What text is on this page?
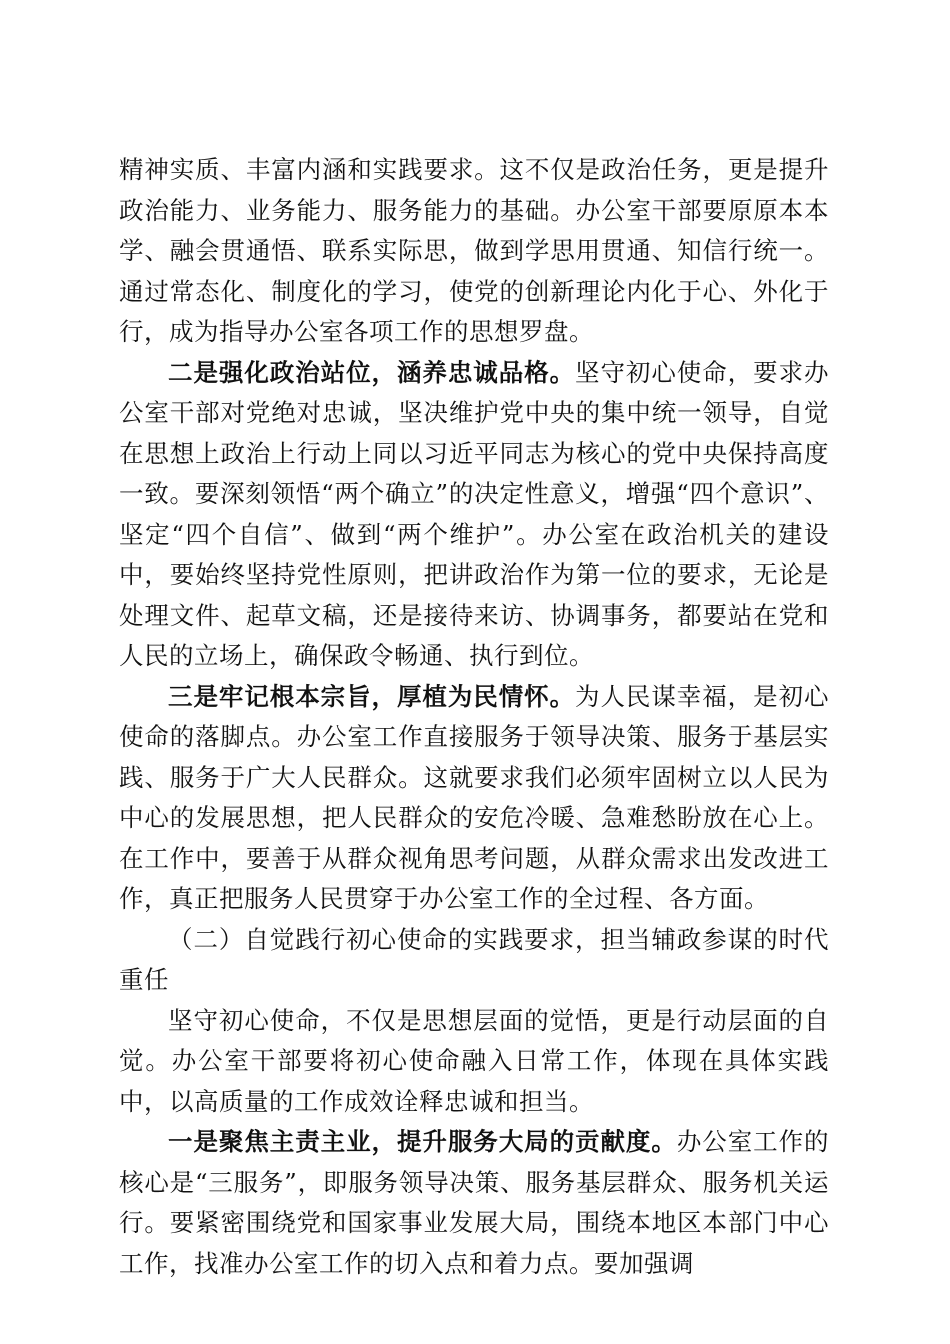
精神实质、丰富内涵和实践要求。这不仅是政治任务，更是提升政治能力、业务能力、服务能力的基础。办公室干部要原原本本学、融会贯通悟、联系实际思，做到学思用贯通、知信行统一。通过常态化、制度化的学习，使党的创新理论内化于心、外化于行，成为指导办公室各项工作的思想罗盘。

二是强化政治站位，涵养忠诚品格。坚守初心使命，要求办公室干部对党绝对忠诚，坚决维护党中央的集中统一领导，自觉在思想上政治上行动上同以习近平同志为核心的党中央保持高度一致。要深刻领悟“两个确立”的决定性意义，增强“四个意识”、坚定“四个自信”、做到“两个维护”。办公室在政治机关的建设中，要始终坚持党性原则，把讲政治作为第一位的要求，无论是处理文件、起草文稿，还是接待来访、协调事务，都要站在党和人民的立场上，确保政令畅通、执行到位。

三是牢记根本宗旨，厚植为民情怀。为人民谋幸福，是初心使命的落脚点。办公室工作直接服务于领导决策、服务于基层实践、服务于广大人民群众。这就要求我们必须牢固树立以人民为中心的发展思想，把人民群众的安危冷暖、急难愁盼放在心上。在工作中，要善于从群众视角思考问题，从群众需求出发改进工作，真正把服务人民贯穿于办公室工作的全过程、各方面。

（二）自觉践行初心使命的实践要求，担当辅政参谋的时代重任

坚守初心使命，不仅是思想层面的觉悟，更是行动层面的自觉。办公室干部要将初心使命融入日常工作，体现在具体实践中，以高质量的工作成效诠释忠诚和担当。

一是聚焦主责主业，提升服务大局的贡献度。办公室工作的核心是“三服务”，即服务领导决策、服务基层群众、服务机关运行。要紧密围绕党和国家事业发展大局，围绕本地区本部门中心工作，找准办公室工作的切入点和着力点。要加强调
